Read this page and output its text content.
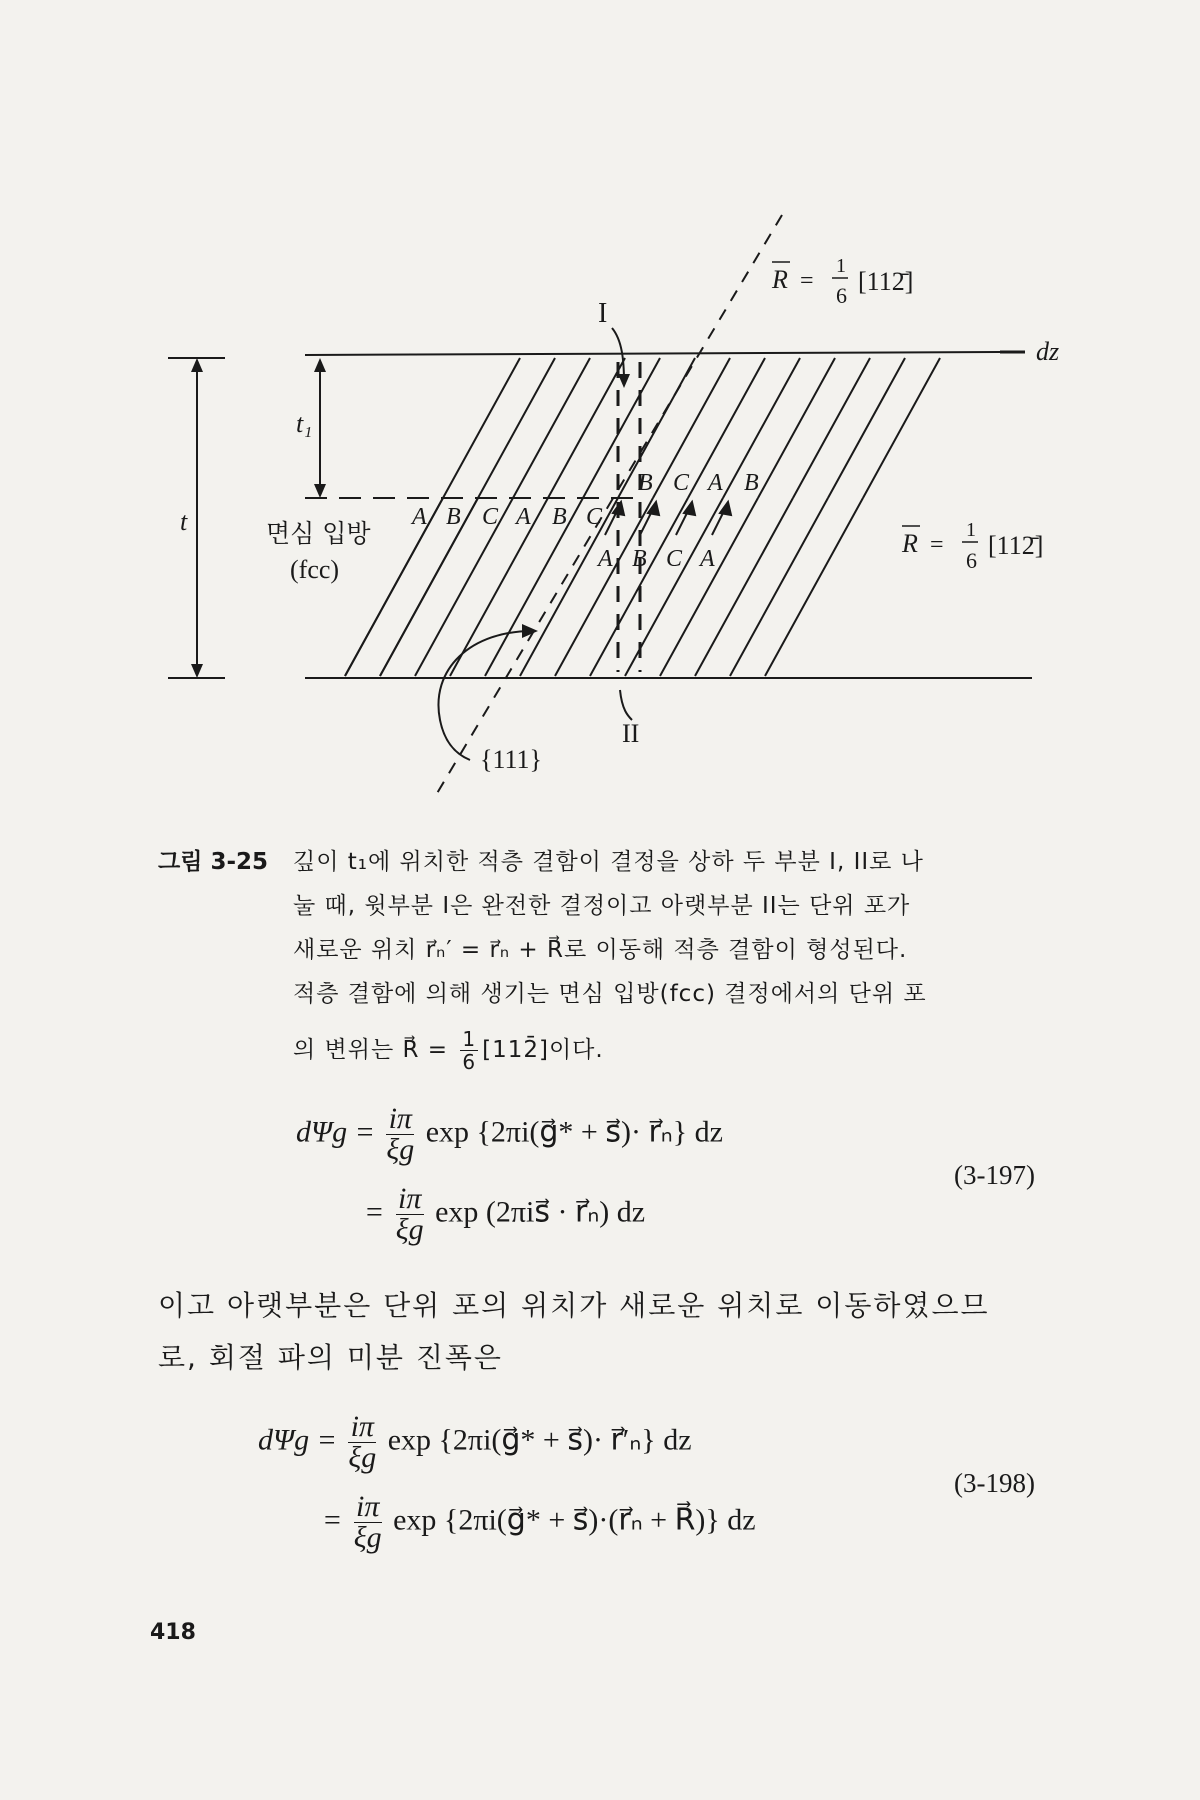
I
II
t
t₁
dz
면심 입방
(fcc)
{111}
R =
1
6 [112̄]
R =
1
6
[112̄]
A B C A B C
B C A B
A B C A
그림 3-25 깊이 t₁에 위치한 적층 결함이 결정을 상하 두 부분 I, II로 나
눌 때, 윗부분 I은 완전한 결정이고 아랫부분 II는 단위 포가
새로운 위치 r⃗ₙ′ = r⃗ₙ + R⃗로 이동해 적층 결함이 형성된다.
적층 결함에 의해 생기는 면심 입방(fcc) 결정에서의 단위 포
의 변위는 R⃗ = $\frac{1}{6}$ [112̄]이다.
$d\Psi g = \frac{i\pi}{\xi g}$ exp {2πi(g⃗* + s⃗)· r⃗ₙ} dz
= $\frac{i\pi}{\xi g}$ exp (2πis⃗ · r⃗ₙ) dz
(3-197)
이고 아랫부분은 단위 포의 위치가 새로운 위치로 이동하였으므
로, 회절 파의 미분 진폭은
$d\Psi g = \frac{i\pi}{\xi g}$ exp {2πi(g⃗* + s⃗)· r⃗′ₙ} dz
= $\frac{i\pi}{\xi g}$ exp {2πi(g⃗* + s⃗)·(r⃗ₙ + R⃗)} dz
(3-198)
418
